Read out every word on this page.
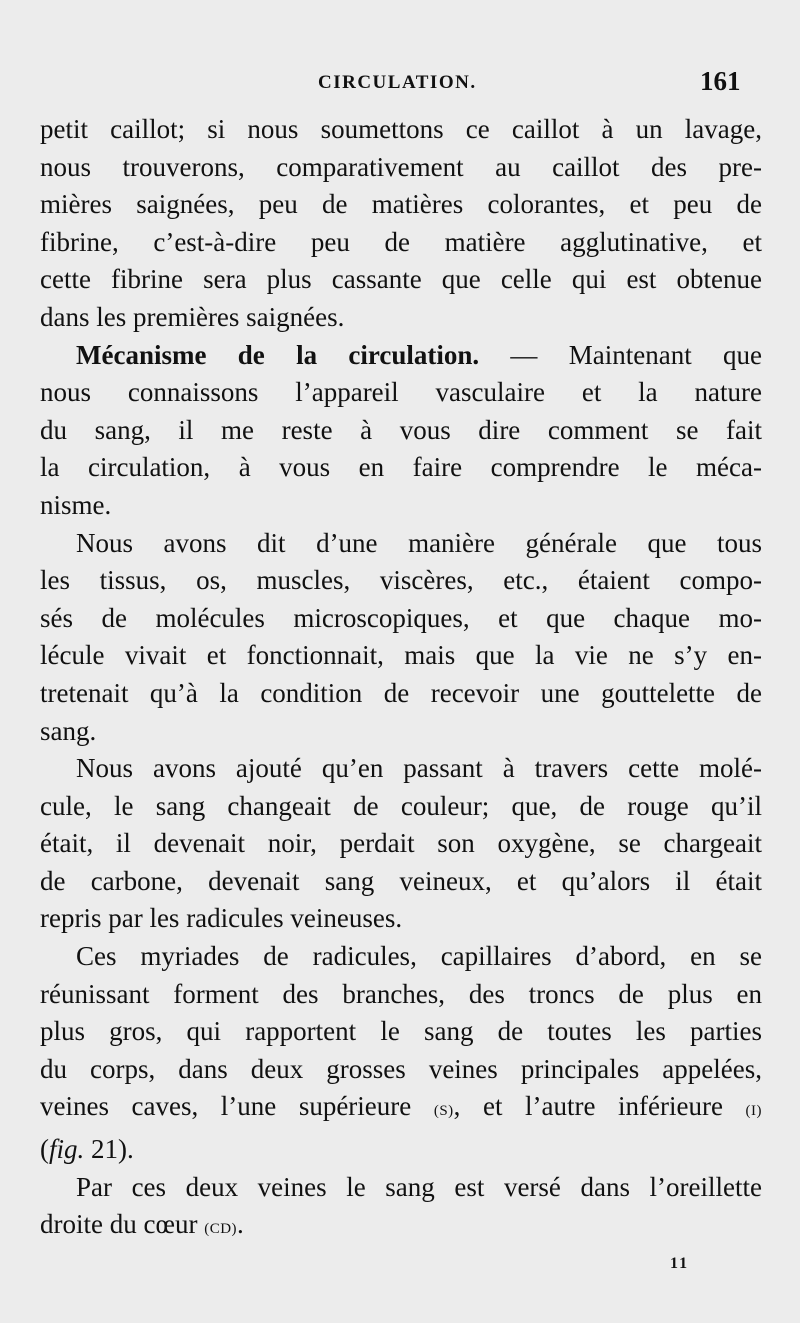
CIRCULATION.	161

petit caillot; si nous soumettons ce caillot à un lavage,
nous trouverons, comparativement au caillot des pre-
mières saignées, peu de matières colorantes, et peu de
fibrine, c’est-à-dire peu de matière agglutinative, et
cette fibrine sera plus cassante que celle qui est obtenue
dans les premières saignées.

Mécanisme de la circulation. — Maintenant que
nous connaissons l’appareil vasculaire et la nature
du sang, il me reste à vous dire comment se fait
la circulation, à vous en faire comprendre le méca-
nisme.

Nous avons dit d’une manière générale que tous
les tissus, os, muscles, viscères, etc., étaient compo-
sés de molécules microscopiques, et que chaque mo-
lécule vivait et fonctionnait, mais que la vie ne s’y en-
tretenait qu’à la condition de recevoir une gouttelette de
sang.

Nous avons ajouté qu’en passant à travers cette molé-
cule, le sang changeait de couleur; que, de rouge qu’il
était, il devenait noir, perdait son oxygène, se chargeait
de carbone, devenait sang veineux, et qu’alors il était
repris par les radicules veineuses.

Ces myriades de radicules, capillaires d’abord, en se
réunissant forment des branches, des troncs de plus en
plus gros, qui rapportent le sang de toutes les parties
du corps, dans deux grosses veines principales appelées,
veines caves, l’une supérieure (S), et l’autre inférieure (I)
(fig. 21).

Par ces deux veines le sang est versé dans l’oreillette
droite du cœur (CD).

11
